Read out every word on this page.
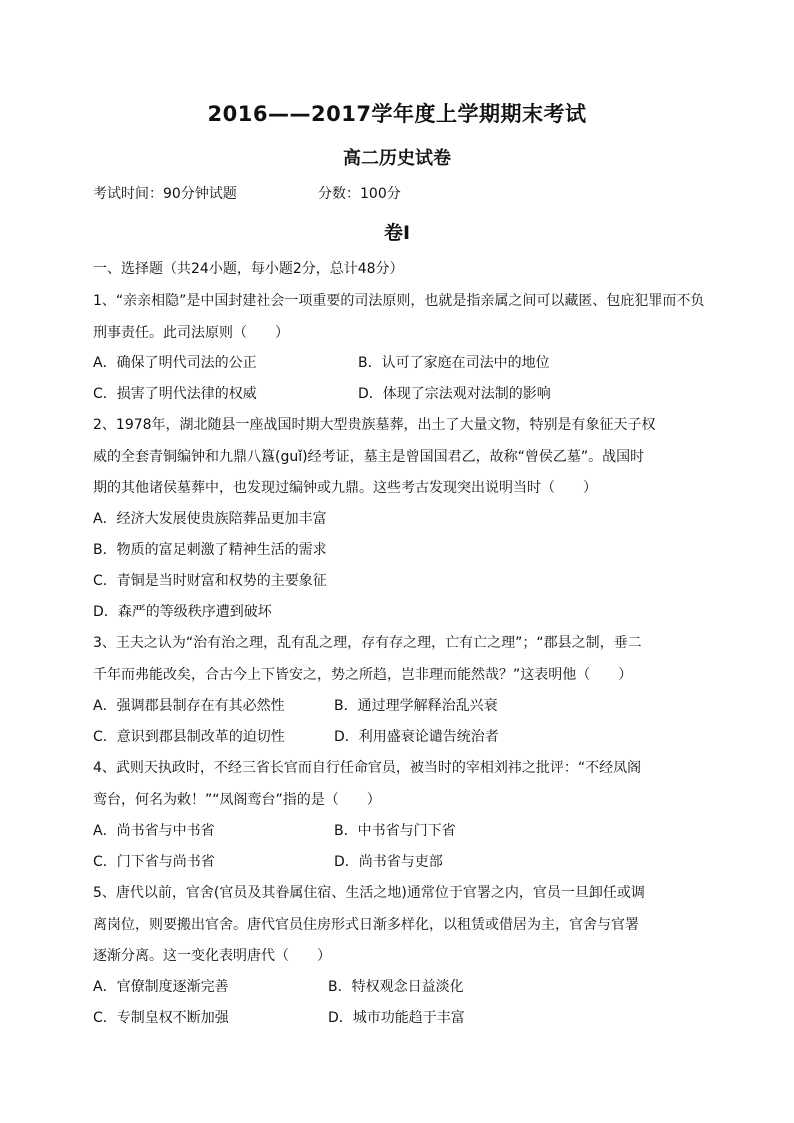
2016——2017学年度上学期期末考试
高二历史试卷
考试时间：90分钟试题	分数：100分
卷Ⅰ
一、选择题（共24小题，每小题2分，总计48分）
1、“亲亲相隐”是中国封建社会一项重要的司法原则，也就是指亲属之间可以藏匿、包庇犯罪而不负
刑事责任。此司法原则（　　）
A．确保了明代司法的公正	B．认可了家庭在司法中的地位
C．损害了明代法律的权威	D．体现了宗法观对法制的影响
2、1978年，湖北随县一座战国时期大型贵族墓葬，出土了大量文物，特别是有象征天子权
威的全套青铜编钟和九鼎八簋(guǐ)经考证，墓主是曾国国君乙，故称“曾侯乙墓”。战国时
期的其他诸侯墓葬中，也发现过编钟或九鼎。这些考古发现突出说明当时（　　）
A．经济大发展使贵族陪葬品更加丰富
B．物质的富足刺激了精神生活的需求
C．青铜是当时财富和权势的主要象征
D．森严的等级秩序遭到破坏
3、王夫之认为“治有治之理，乱有乱之理，存有存之理，亡有亡之理”；“郡县之制，垂二
千年而弗能改矣，合古今上下皆安之，势之所趋，岂非理而能然哉？”这表明他（　　）
A．强调郡县制存在有其必然性	B．通过理学解释治乱兴衰
C．意识到郡县制改革的迫切性	D．利用盛衰论谴告统治者
4、武则天执政时，不经三省长官而自行任命官员，被当时的宰相刘祎之批评：“不经凤阁
鸾台，何名为敕！”“凤阁鸾台”指的是（　　）
A．尚书省与中书省	B．中书省与门下省
C．门下省与尚书省	D．尚书省与吏部
5、唐代以前，官舍(官员及其眷属住宿、生活之地)通常位于官署之内，官员一旦卸任或调
离岗位，则要搬出官舍。唐代官员住房形式日渐多样化，以租赁或借居为主，官舍与官署
逐渐分离。这一变化表明唐代（　　）
A．官僚制度逐渐完善	B．特权观念日益淡化
C．专制皇权不断加强	D．城市功能趋于丰富
